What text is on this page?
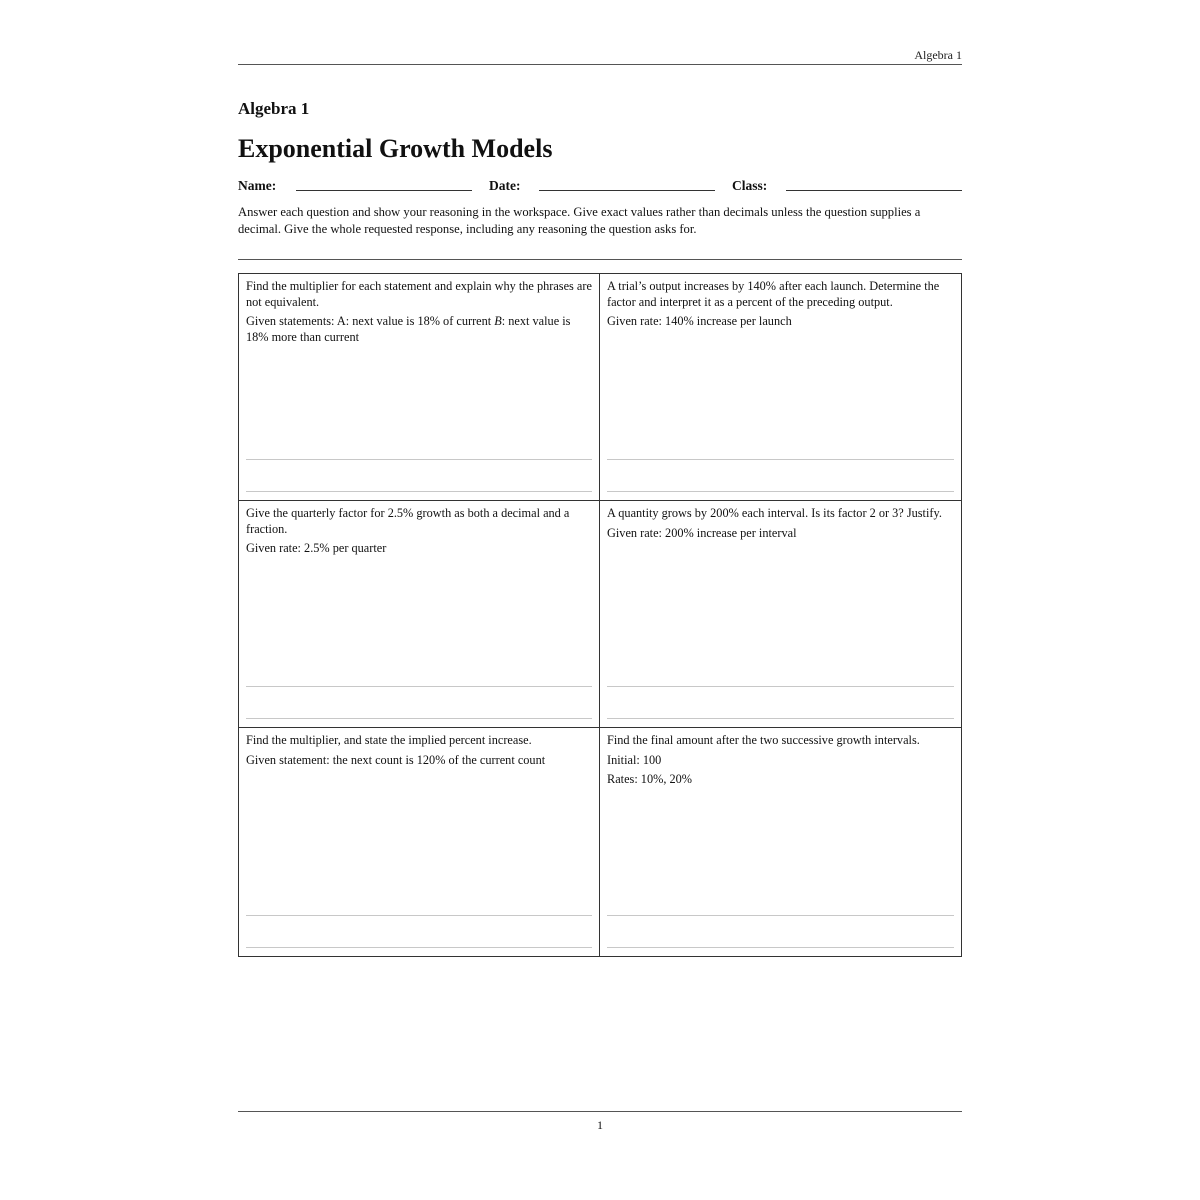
Algebra 1
Algebra 1
Exponential Growth Models
Name:	Date:	Class:
Answer each question and show your reasoning in the workspace. Give exact values rather than decimals unless the question supplies a decimal. Give the whole requested response, including any reasoning the question asks for.

Find the multiplier for each statement and explain why the phrases are not equivalent.

Given statements: A: next value is 18% of current B: next value is 18% more than current

A trial’s output increases by 140% after each launch. Determine the factor and interpret it as a percent of the preceding output.

Given rate: 140% increase per launch

Give the quarterly factor for 2.5% growth as both a decimal and a fraction.

Given rate: 2.5% per quarter

A quantity grows by 200% each interval. Is its factor 2 or 3? Justify.

Given rate: 200% increase per interval

Find the multiplier, and state the implied percent increase.

Given statement: the next count is 120% of the current count

Find the final amount after the two successive growth intervals.

Initial: 100

Rates: 10%, 20%

1
